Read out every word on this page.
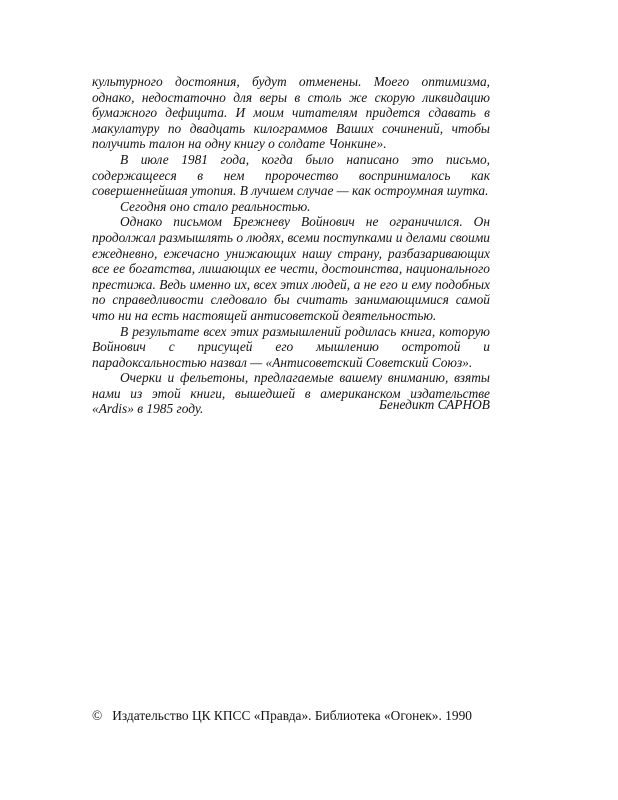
культурного достояния, будут отменены. Моего оптимизма, однако, недостаточно для веры в столь же скорую ликвидацию бумажного дефицита. И моим читателям придется сдавать в макулатуру по двадцать килограммов Ваших сочинений, чтобы получить талон на одну книгу о солдате Чонкине».

В июле 1981 года, когда было написано это письмо, содержащееся в нем пророчество воспринималось как совершеннейшая утопия. В лучшем случае — как остроумная шутка.

Сегодня оно стало реальностью.

Однако письмом Брежневу Войнович не ограничился. Он продолжал размышлять о людях, всеми поступками и делами своими ежедневно, ежечасно унижающих нашу страну, разбазаривающих все ее богатства, лишающих ее чести, достоинства, национального престижа. Ведь именно их, всех этих людей, а не его и ему подобных по справедливости следовало бы считать занимающимися самой что ни на есть настоящей антисоветской деятельностью.

В результате всех этих размышлений родилась книга, которую Войнович с присущей его мышлению остротой и парадоксальностью назвал — «Антисоветский Советский Союз».

Очерки и фельетоны, предлагаемые вашему вниманию, взяты нами из этой книги, вышедшей в американском издательстве «Ardis» в 1985 году.	Бенедикт САРНОВ
© Издательство ЦК КПСС «Правда». Библиотека «Огонек». 1990
